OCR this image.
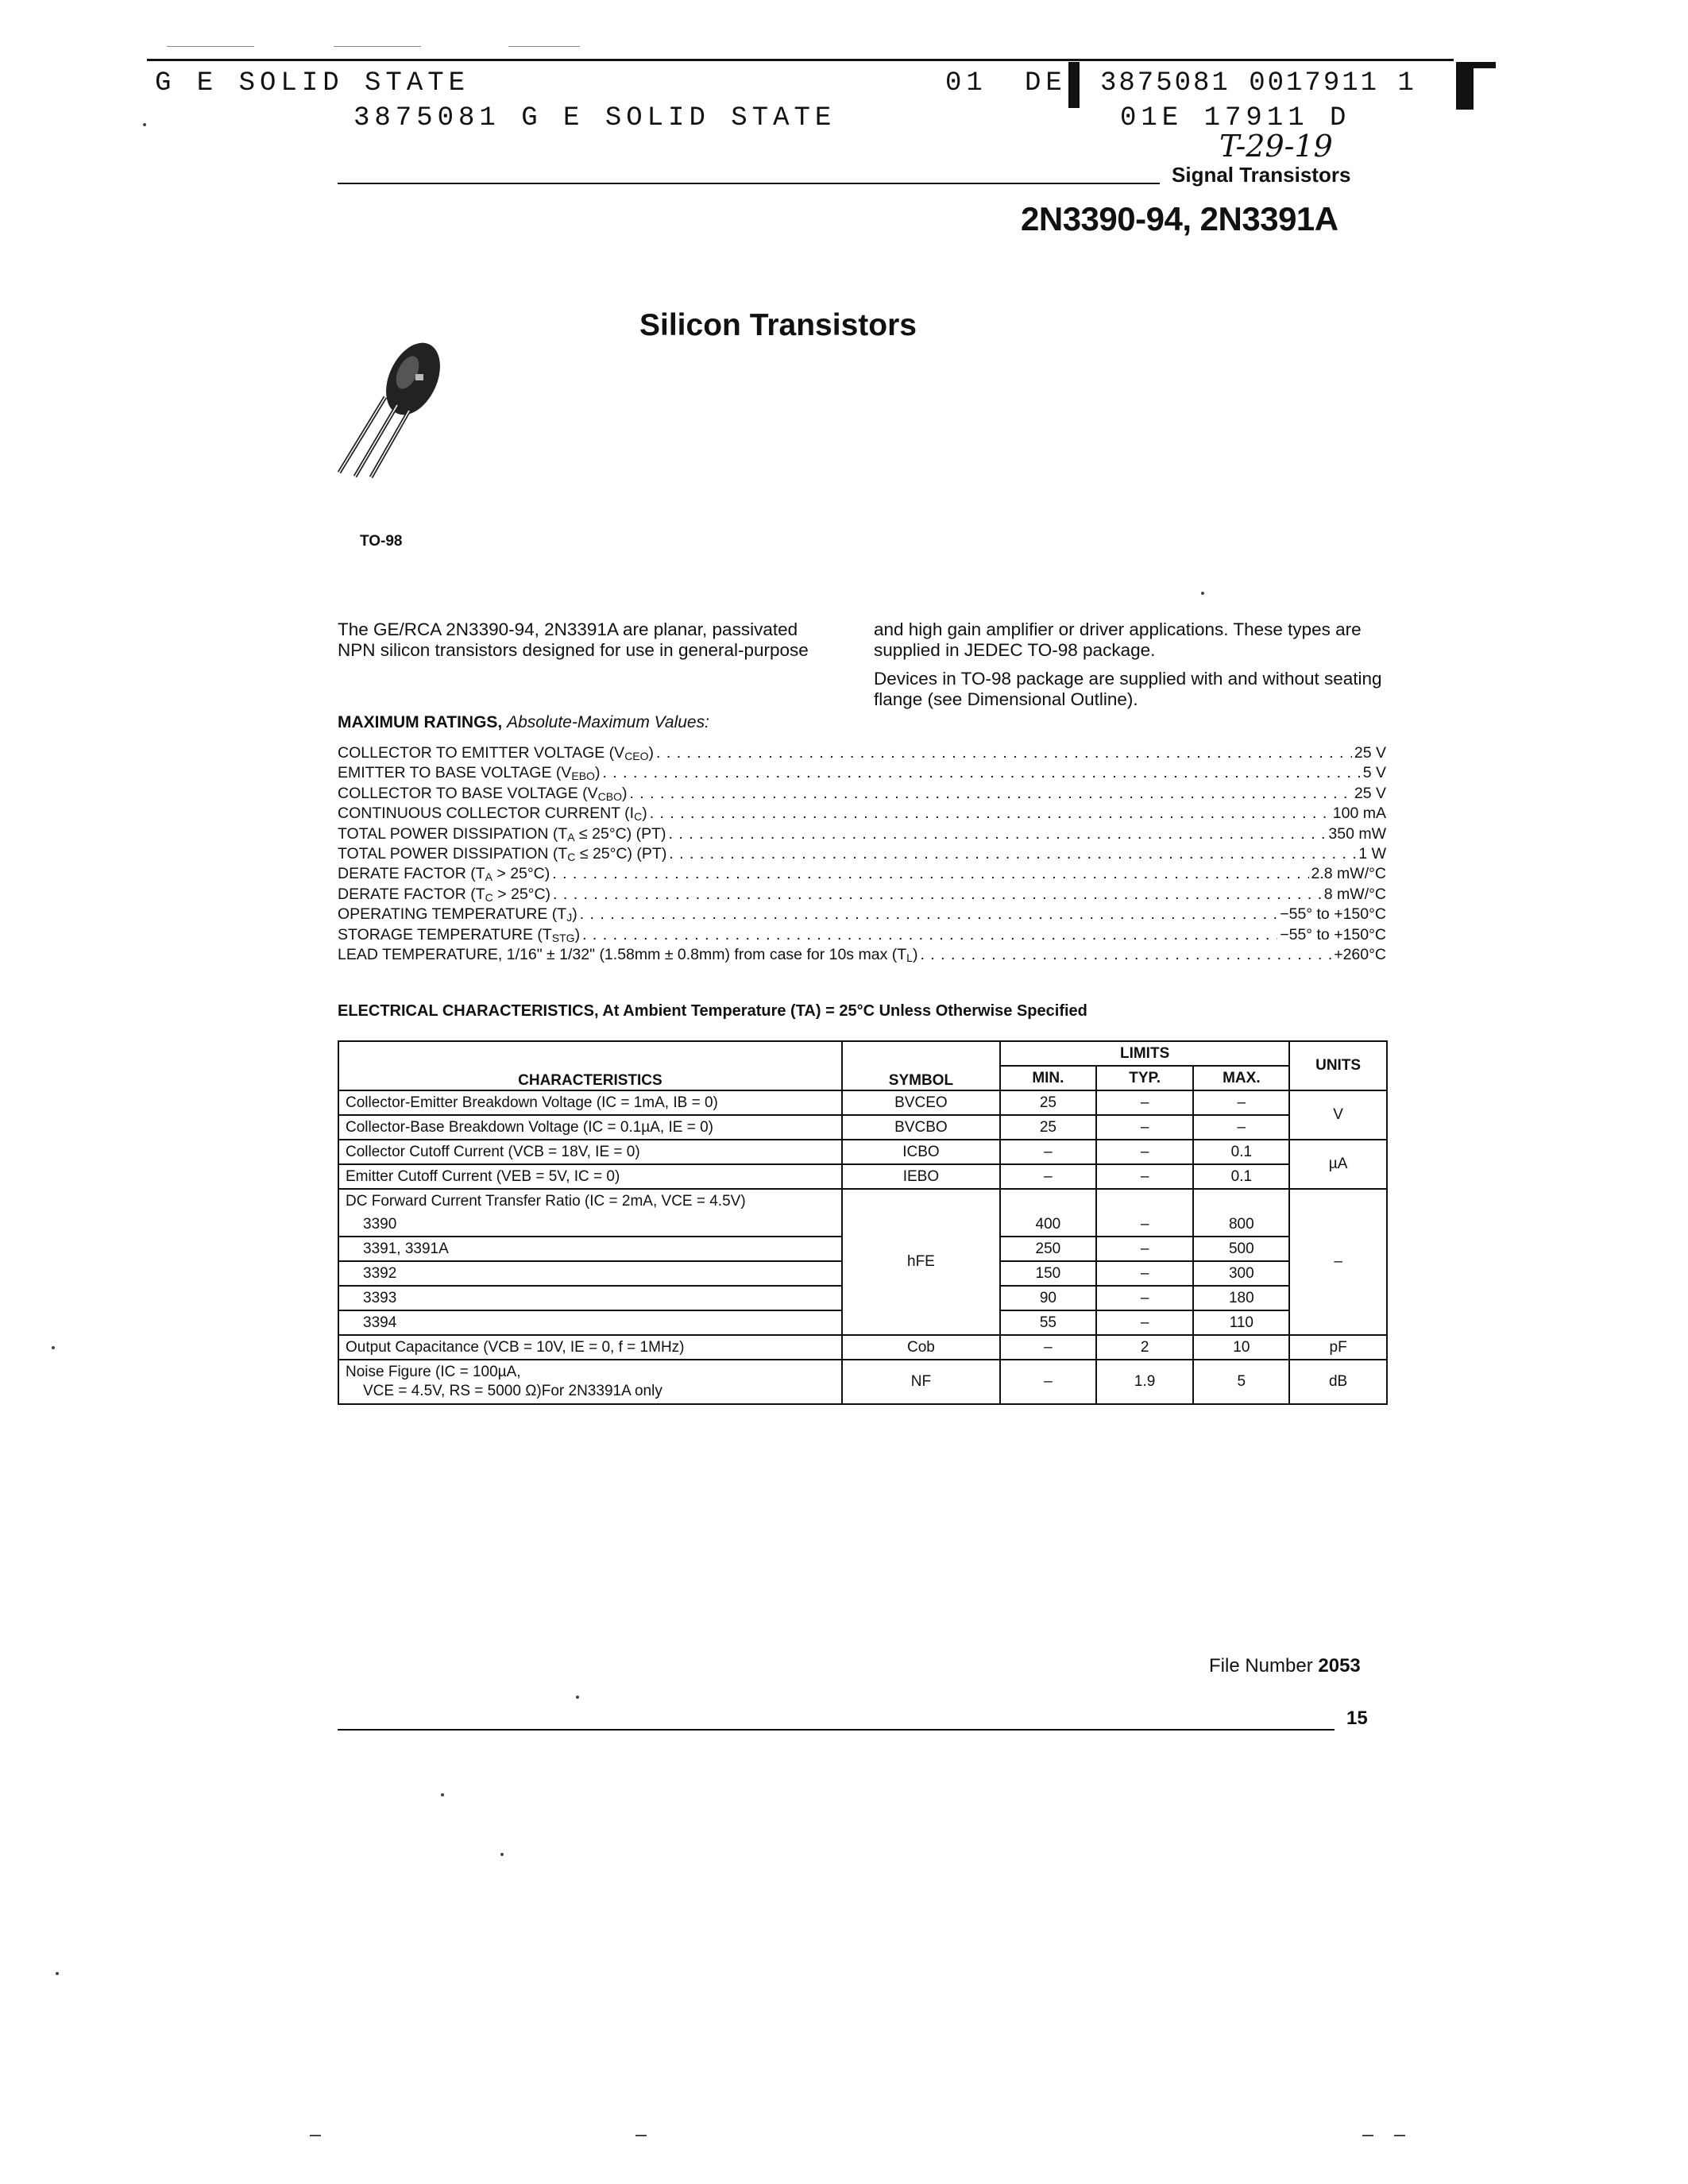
G E SOLID STATE
3875081 G E SOLID STATE
01 DE 3875081 0017911 1
01E 17911 D
T-29-19
Signal Transistors
2N3390-94, 2N3391A
Silicon Transistors
TO-98
The GE/RCA 2N3390-94, 2N3391A are planar, passivated NPN silicon transistors designed for use in general-purpose
and high gain amplifier or driver applications. These types are supplied in JEDEC TO-98 package.
Devices in TO-98 package are supplied with and without seating flange (see Dimensional Outline).
MAXIMUM RATINGS, Absolute-Maximum Values:
COLLECTOR TO EMITTER VOLTAGE $(V_{CEO})$ . . .	25 V
EMITTER TO BASE VOLTAGE $(V_{EBO})$ . . .	5 V
COLLECTOR TO BASE VOLTAGE $(V_{CBO})$ . . .	25 V
CONTINUOUS COLLECTOR CURRENT $(I_C)$ . . .	100 mA
TOTAL POWER DISSIPATION $(T_A \le 25^\circ C)$ (PT) . . .	350 mW
TOTAL POWER DISSIPATION $(T_C \le 25^\circ C)$ (PT) . . .	1 W
DERATE FACTOR $(T_A > 25^\circ C)$ . . .	2.8 mW/°C
DERATE FACTOR $(T_C > 25^\circ C)$ . . .	8 mW/°C
OPERATING TEMPERATURE $(T_J)$ . . .	−55° to +150°C
STORAGE TEMPERATURE $(T_{STG})$ . . .	−55° to +150°C
LEAD TEMPERATURE, 1/16" ± 1/32" (1.58mm ± 0.8mm) from case for 10s $\max (T_L)$ . . .	+260°C
ELECTRICAL CHARACTERISTICS, At Ambient Temperature (TA) = 25°C Unless Otherwise Specified
CHARACTERISTICS	SYMBOL	LIMITS			UNITS
		MIN.	TYP.	MAX.	
Collector-Emitter Breakdown Voltage (IC = 1mA, IB = 0)	BVCEO	25	–	–	V
Collector-Base Breakdown Voltage (IC = 0.1µA, IE = 0)	BVCBO	25	–	–	
Collector Cutoff Current (VCB = 18V, IE = 0)	ICBO	–	–	0.1	µA
Emitter Cutoff Current (VEB = 5V, IC = 0)	IEBO	–	–	0.1	
DC Forward Current Transfer Ratio (IC = 2mA, VCE = 4.5V)	hFE				–
3390		400	–	800	
3391, 3391A		250	–	500	
3392		150	–	300	
3393		90	–	180	
3394		55	–	110	
Output Capacitance (VCB = 10V, IE = 0, f = 1MHz)	Cob	–	2	10	pF

Noise Figure (IC = 100µA,
VCE = 4.5V, RS = 5000 Ω)For 2N3391A only	NF	–	1.9	5	dB
File Number 2053
15
